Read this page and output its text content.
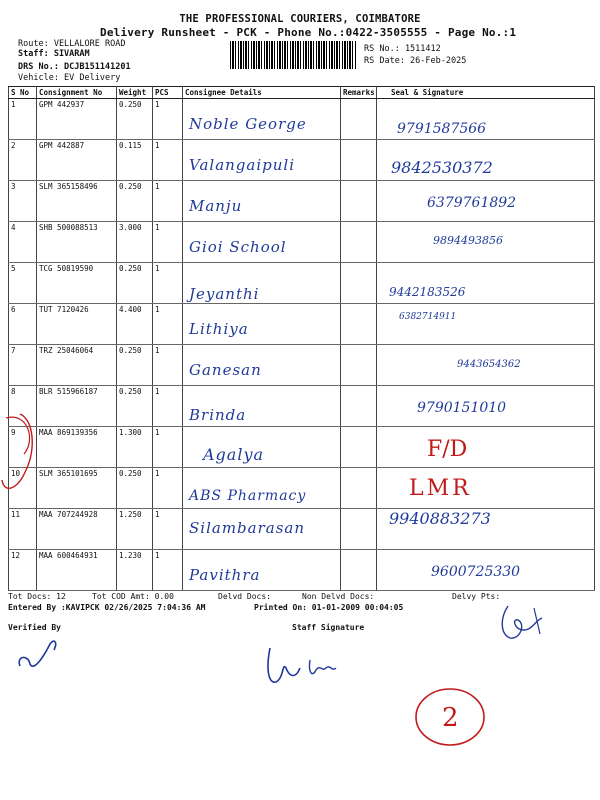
THE PROFESSIONAL COURIERS, COIMBATORE
Delivery Runsheet - PCK - Phone No.:0422-3505555 - Page No.:1
Route: VELLALORE ROAD
Staff: SIVARAM
DRS No.: DCJB151141201
Vehicle: EV Delivery
RS No.: 1511412
RS Date: 26-Feb-2025
S No	Consignment No	Weight	PCS	Consignee Details	Remarks	Seal & Signature
1	GPM 442937	0.250	1	Noble George		9791587566

2	GPM 442887	0.115	1	Valangaipuli		9842530372

3	SLM 365158496	0.250	1	Manju		6379761892

4	SHB 500088513	3.000	1	Gioi School		9894493856

5	TCG 50819590	0.250	1	Jeyanthi		9442183526

6	TUT 7120426	4.400	1	Lithiya		6382714911

7	TRZ 25046064	0.250	1	Ganesan		9443654362

8	BLR 515966187	0.250	1	Brinda		9790151010

9	MAA 869139356	1.300	1	Agalya		F/D

10	SLM 365101695	0.250	1	ABS Pharmacy		LMR

11	MAA 707244928	1.250	1	Silambarasan		9940883273

12	MAA 600464931	1.230	1	Pavithra		9600725330
Tot Docs: 12	Tot COD Amt: 0.00	Delvd Docs:	Non Delvd Docs:	Delvy Pts:
Entered By :KAVIPCK 02/26/2025 7:04:36 AM	Printed On: 01-01-2009 00:04:05
Verified By	Staff Signature
2
